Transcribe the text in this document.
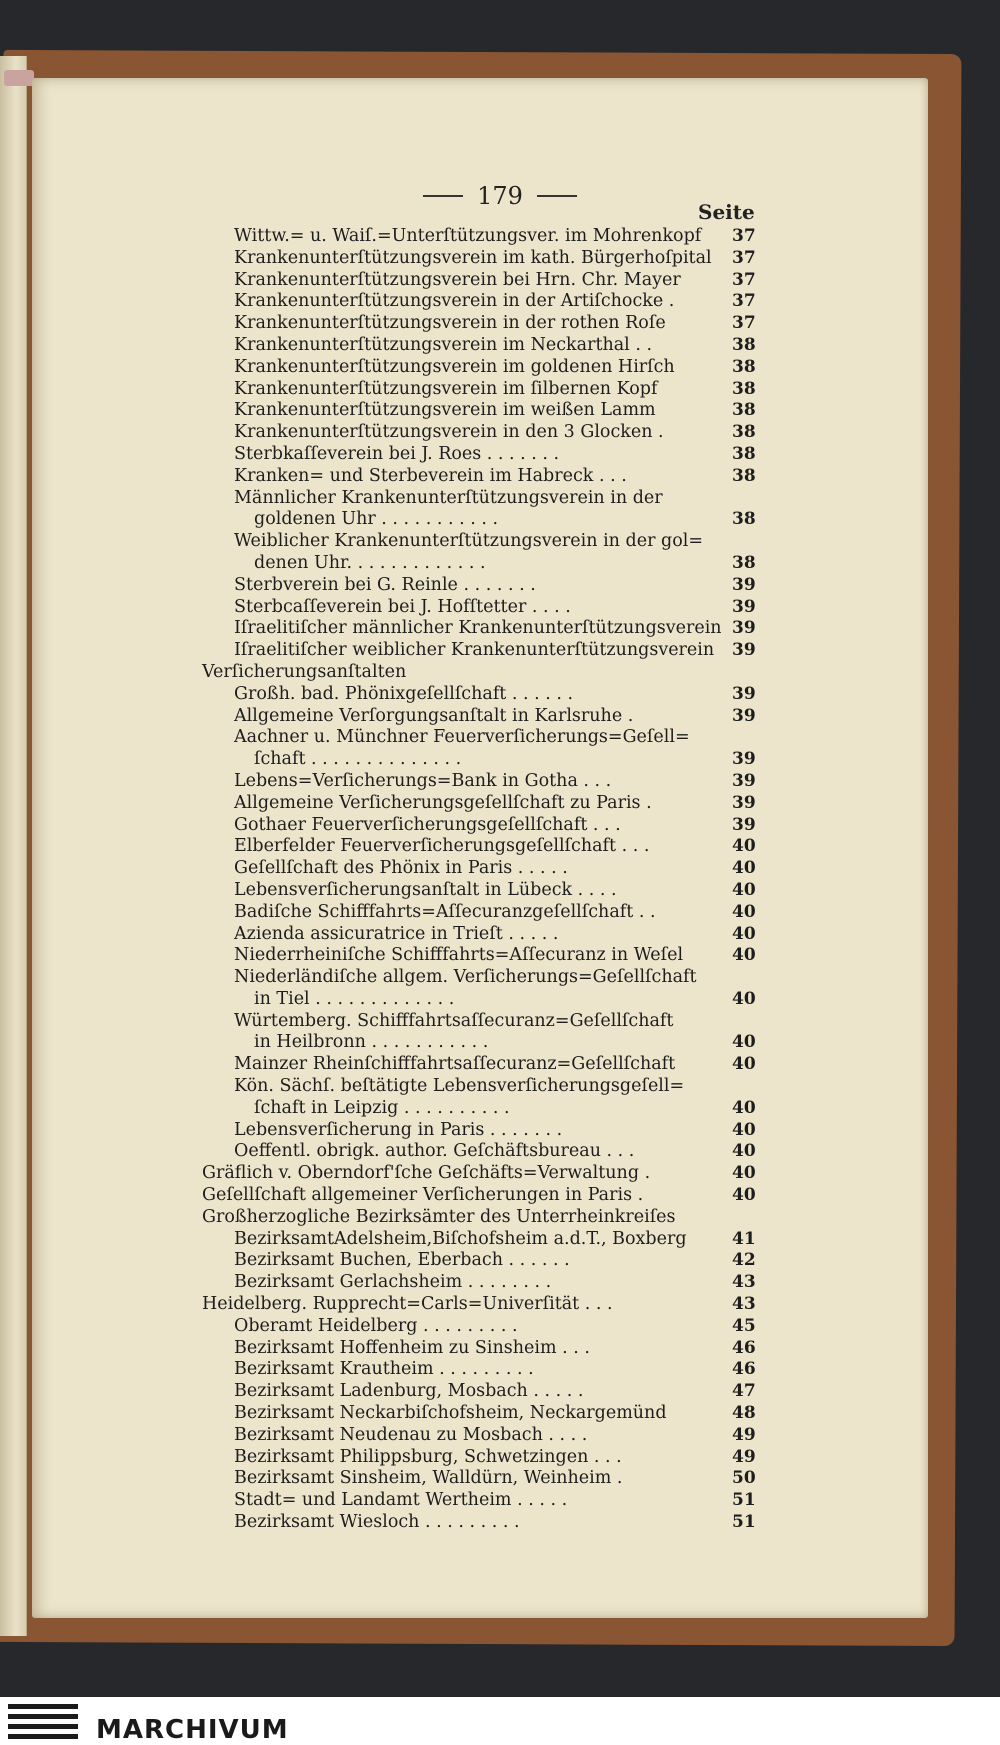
179
Seite
Wittw.= u. Waiſ.=Unterſtützungsver. im Mohrenkopf 37
Krankenunterſtützungsverein im kath. Bürgerhoſpital 37
Krankenunterſtützungsverein bei Hrn. Chr. Mayer	37
Krankenunterſtützungsverein in der Artiſchocke .	37
Krankenunterſtützungsverein in der rothen Roſe	37
Krankenunterſtützungsverein im Neckarthal . .	38
Krankenunterſtützungsverein im goldenen Hirſch	38
Krankenunterſtützungsverein im ſilbernen Kopf	38
Krankenunterſtützungsverein im weißen Lamm	38
Krankenunterſtützungsverein in den 3 Glocken .	38
Sterbkaſſeverein bei J. Roes . . . . . . .	38
Kranken= und Sterbeverein im Habreck . . .	38
Männlicher Krankenunterſtützungsverein in der
goldenen Uhr . . . . . . . . . . .	38
Weiblicher Krankenunterſtützungsverein in der gol=
denen Uhr. . . . . . . . . . . . .	38
Sterbverein bei G. Reinle . . . . . . .	39
Sterbcaſſeverein bei J. Hofſtetter . . . .	39
Iſraelitiſcher männlicher Krankenunterſtützungsverein 39
Iſraelitiſcher weiblicher Krankenunterſtützungsverein 39
Verſicherungsanſtalten
Großh. bad. Phönixgeſellſchaft . . . . . .	39
Allgemeine Verſorgungsanſtalt in Karlsruhe .	39
Aachner u. Münchner Feuerverſicherungs=Geſell=
ſchaft . . . . . . . . . . . . . .	39
Lebens=Verſicherungs=Bank in Gotha . . .	39
Allgemeine Verſicherungsgeſellſchaft zu Paris .	39
Gothaer Feuerverſicherungsgeſellſchaft . . .	39
Elberfelder Feuerverſicherungsgeſellſchaft . . .	40
Geſellſchaft des Phönix in Paris . . . . .	40
Lebensverſicherungsanſtalt in Lübeck . . . .	40
Badiſche Schifffahrts=Aſſecuranzgeſellſchaft . .	40
Azienda assicuratrice in Trieſt . . . . .	40
Niederrheiniſche Schifffahrts=Aſſecuranz in Weſel	40
Niederländiſche allgem. Verſicherungs=Geſellſchaft
in Tiel . . . . . . . . . . . . .	40
Würtemberg. Schifffahrtsaſſecuranz=Geſellſchaft
in Heilbronn . . . . . . . . . . .	40
Mainzer Rheinſchifffahrtsaſſecuranz=Geſellſchaft	40
Kön. Sächſ. beſtätigte Lebensverſicherungsgeſell=
ſchaft in Leipzig . . . . . . . . . .	40
Lebensverſicherung in Paris . . . . . . .	40
Oeffentl. obrigk. author. Geſchäftsbureau . . .	40
Gräflich v. Oberndorf'ſche Geſchäfts=Verwaltung .	40
Geſellſchaft allgemeiner Verſicherungen in Paris .	40
Großherzogliche Bezirksämter des Unterrheinkreiſes
BezirksamtAdelsheim,Biſchofsheim a.d.T., Boxberg	41
Bezirksamt Buchen, Eberbach . . . . . .	42
Bezirksamt Gerlachsheim . . . . . . . .	43
Heidelberg. Rupprecht=Carls=Univerſität . . .	43
Oberamt Heidelberg . . . . . . . . .	45
Bezirksamt Hoffenheim zu Sinsheim . . .	46
Bezirksamt Krautheim . . . . . . . . .	46
Bezirksamt Ladenburg, Mosbach . . . . .	47
Bezirksamt Neckarbiſchofsheim, Neckargemünd	48
Bezirksamt Neudenau zu Mosbach . . . .	49
Bezirksamt Philippsburg, Schwetzingen . . .	49
Bezirksamt Sinsheim, Walldürn, Weinheim .	50
Stadt= und Landamt Wertheim . . . . .	51
Bezirksamt Wiesloch . . . . . . . . .	51
MARCHIVUM
